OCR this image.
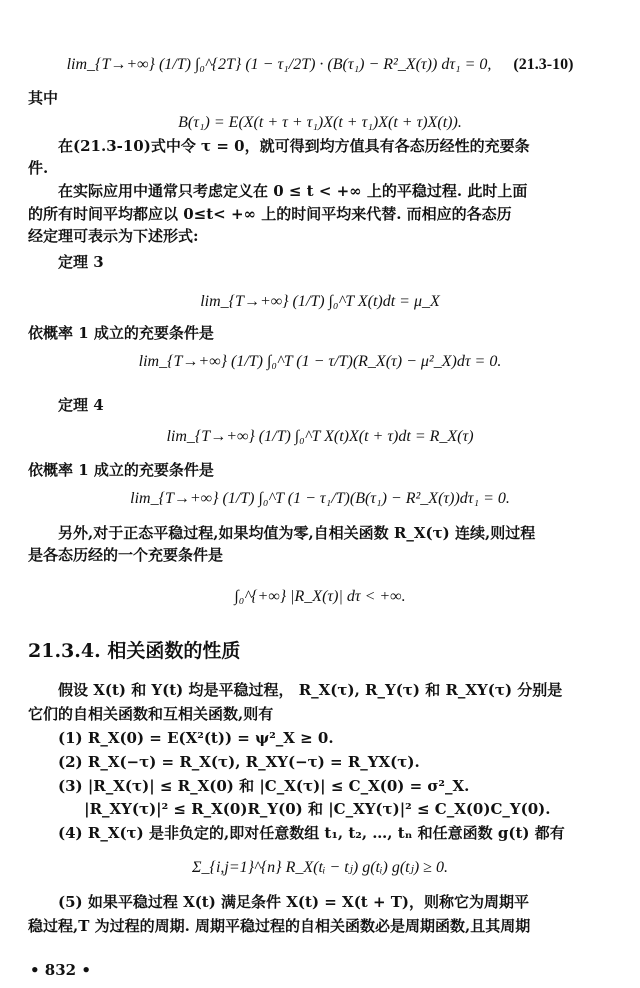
lim_{T→+∞} (1/T) ∫₀^{2T} (1 − τ₁/2T) · (B(τ₁) − R²_X(τ)) dτ₁ = 0, (21.3-10)
其中
B(τ₁) = E(X(t + τ + τ₁)X(t + τ₁)X(t + τ)X(t)).
在(21.3-10)式中令 τ = 0，就可得到均方值具有各态历经性的充要条
件.
在实际应用中通常只考虑定义在 0 ≤ t < +∞ 上的平稳过程. 此时上面
的所有时间平均都应以 0≤t< +∞ 上的时间平均来代替. 而相应的各态历
经定理可表示为下述形式:
定理 3
lim_{T→+∞} (1/T) ∫₀^T X(t)dt = μ_X
依概率 1 成立的充要条件是
lim_{T→+∞} (1/T) ∫₀^T (1 − τ/T)(R_X(τ) − μ²_X)dτ = 0.
定理 4
lim_{T→+∞} (1/T) ∫₀^T X(t)X(t + τ)dt = R_X(τ)
依概率 1 成立的充要条件是
lim_{T→+∞} (1/T) ∫₀^T (1 − τ₁/T)(B(τ₁) − R²_X(τ))dτ₁ = 0.
另外,对于正态平稳过程,如果均值为零,自相关函数 R_X(τ) 连续,则过程
是各态历经的一个充要条件是
∫₀^{+∞} |R_X(τ)| dτ < +∞.
21.3.4. 相关函数的性质
假设 X(t) 和 Y(t) 均是平稳过程， R_X(τ), R_Y(τ) 和 R_XY(τ) 分别是
它们的自相关函数和互相关函数,则有
(1) R_X(0) = E(X²(t)) = ψ²_X ≥ 0.
(2) R_X(−τ) = R_X(τ), R_XY(−τ) = R_YX(τ).
(3) |R_X(τ)| ≤ R_X(0) 和 |C_X(τ)| ≤ C_X(0) = σ²_X.
|R_XY(τ)|² ≤ R_X(0)R_Y(0) 和 |C_XY(τ)|² ≤ C_X(0)C_Y(0).
(4) R_X(τ) 是非负定的,即对任意数组 t₁, t₂, …, tₙ 和任意函数 g(t) 都有
Σ_{i,j=1}^{n} R_X(tᵢ − tⱼ) g(tᵢ) g(tⱼ) ≥ 0.
(5) 如果平稳过程 X(t) 满足条件 X(t) = X(t + T)，则称它为周期平
稳过程,T 为过程的周期. 周期平稳过程的自相关函数必是周期函数,且其周期
• 832 •
